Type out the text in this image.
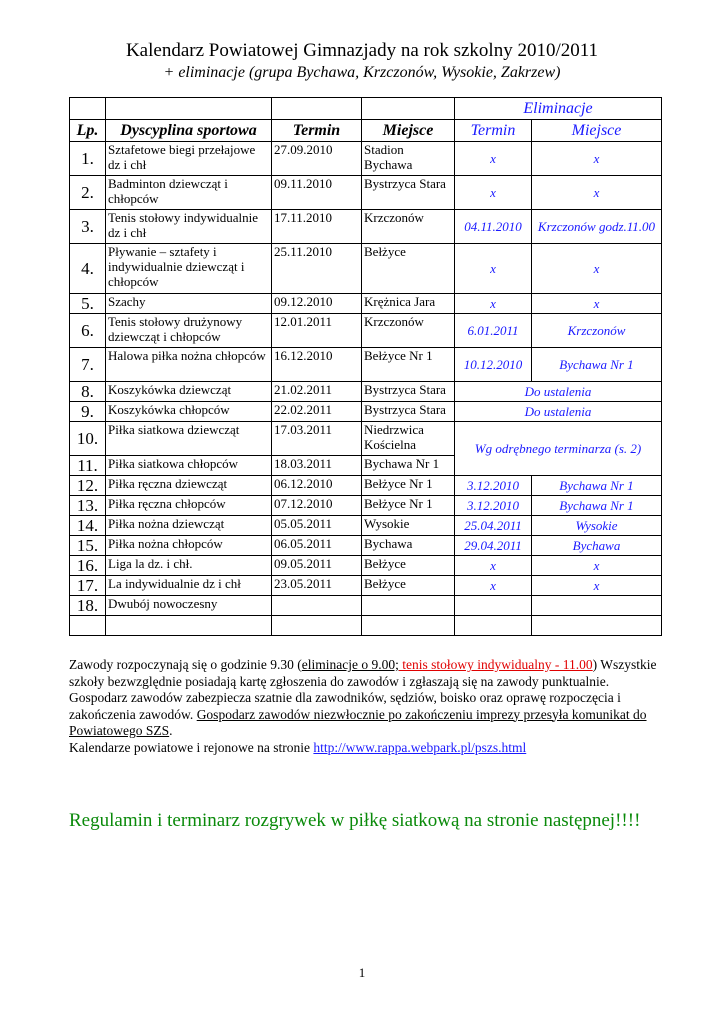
Kalendarz Powiatowej Gimnazjady na rok szkolny 2010/2011
+ eliminacje (grupa Bychawa, Krzczonów, Wysokie, Zakrzew)
				Eliminacje	
Lp.	Dyscyplina sportowa	Termin	Miejsce	Termin	Miejsce
1.	Sztafetowe biegi przełajowe dz i chł	27.09.2010	Stadion Bychawa	x	x
2.	Badminton dziewcząt i chłopców	09.11.2010	Bystrzyca Stara	x	x
3.	Tenis stołowy indywidualnie dz i chł	17.11.2010	Krzczonów	04.11.2010	Krzczonów godz.11.00
4.	Pływanie – sztafety i indywidualnie dziewcząt i chłopców	25.11.2010	Bełżyce	x	x
5.	Szachy	09.12.2010	Krężnica Jara	x	x
6.	Tenis stołowy drużynowy dziewcząt i chłopców	12.01.2011	Krzczonów	6.01.2011	Krzczonów
7.	Halowa piłka nożna chłopców	16.12.2010	Bełżyce Nr 1	10.12.2010	Bychawa Nr 1
8.	Koszykówka dziewcząt	21.02.2011	Bystrzyca Stara	Do ustalenia	
9.	Koszykówka chłopców	22.02.2011	Bystrzyca Stara	Do ustalenia	
10.	Piłka siatkowa dziewcząt	17.03.2011	Niedrzwica Kościelna	Wg odrębnego terminarza (s. 2)	
11.	Piłka siatkowa chłopców	18.03.2011	Bychawa Nr 1		
12.	Piłka ręczna dziewcząt	06.12.2010	Bełżyce Nr 1	3.12.2010	Bychawa Nr 1
13.	Piłka ręczna chłopców	07.12.2010	Bełżyce Nr 1	3.12.2010	Bychawa Nr 1
14.	Piłka nożna dziewcząt	05.05.2011	Wysokie	25.04.2011	Wysokie
15.	Piłka nożna chłopców	06.05.2011	Bychawa	29.04.2011	Bychawa
16.	Liga la dz. i chł.	09.05.2011	Bełżyce	x	x
17.	La indywidualnie dz i chł	23.05.2011	Bełżyce	x	x
18.	Dwubój nowoczesny				

Zawody rozpoczynają się o godzinie 9.30 (eliminacje o 9.00; tenis stołowy indywidualny - 11.00) Wszystkie szkoły bezwzględnie posiadają kartę zgłoszenia do zawodów i zgłaszają się na zawody punktualnie.
Gospodarz zawodów zabezpiecza szatnie dla zawodników, sędziów, boisko oraz oprawę rozpoczęcia i zakończenia zawodów. Gospodarz zawodów niezwłocznie po zakończeniu imprezy przesyła komunikat do Powiatowego SZS.
Kalendarze powiatowe i rejonowe na stronie http://www.rappa.webpark.pl/pszs.html
Regulamin i terminarz rozgrywek w piłkę siatkową na stronie następnej!!!!
1
